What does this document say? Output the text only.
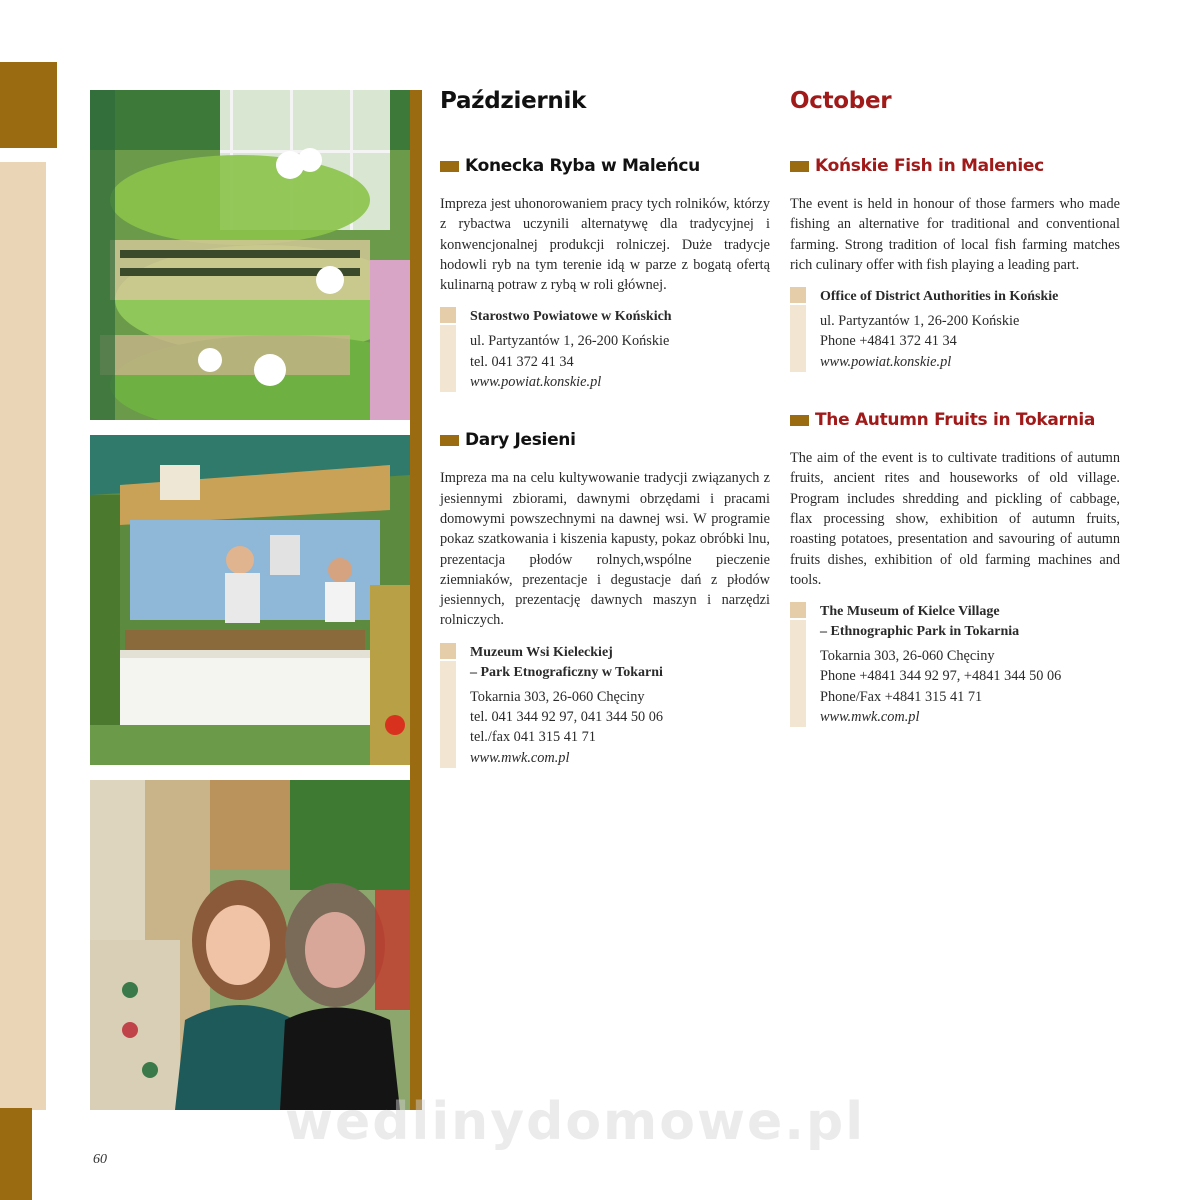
Październik
Konecka Ryba w Maleńcu

Impreza jest uhonorowaniem pracy tych rolników, którzy z rybactwa uczynili alternatywę dla tradycyjnej i konwencjonalnej produkcji rolniczej. Duże tradycje hodowli ryb na tym terenie idą w parze z bogatą ofertą kulinarną potraw z rybą w roli głównej.

Starostwo Powiatowe w Końskich
ul. Partyzantów 1, 26-200 Końskie
tel. 041 372 41 34
www.powiat.konskie.pl
Dary Jesieni

Impreza ma na celu kultywowanie tradycji związanych z jesiennymi zbiorami, dawnymi obrzędami i pracami domowymi powszechnymi na dawnej wsi. W programie pokaz szatkowania i kiszenia kapusty, pokaz obróbki lnu, prezentacja płodów rolnych,wspólne pieczenie ziemniaków, prezentacje i degustacje dań z płodów jesiennych, prezentację dawnych maszyn i narzędzi rolniczych.

Muzeum Wsi Kieleckiej
– Park Etnograficzny w Tokarni
Tokarnia 303, 26-060 Chęciny
tel. 041 344 92 97, 041 344 50 06
tel./fax 041 315 41 71
www.mwk.com.pl
October
Końskie Fish in Maleniec

The event is held in honour of those farmers who made fishing an alternative for traditional and conventional farming. Strong tradition of local fish farming matches rich culinary offer with fish playing a leading part.

Office of District Authorities in Końskie
ul. Partyzantów 1, 26-200 Końskie
Phone +4841 372 41 34
www.powiat.konskie.pl
The Autumn Fruits in Tokarnia

The aim of the event is to cultivate traditions of autumn fruits, ancient rites and houseworks of old village. Program includes shredding and pickling of cabbage, flax processing show, exhibition of autumn fruits, roasting potatoes, presentation and savouring of autumn fruits dishes, exhibition of old farming machines and tools.

The Museum of Kielce Village
– Ethnographic Park in Tokarnia
Tokarnia 303, 26-060 Chęciny
Phone +4841 344 92 97, +4841 344 50 06
Phone/Fax +4841 315 41 71
www.mwk.com.pl
wedlinydomowe.pl
60
